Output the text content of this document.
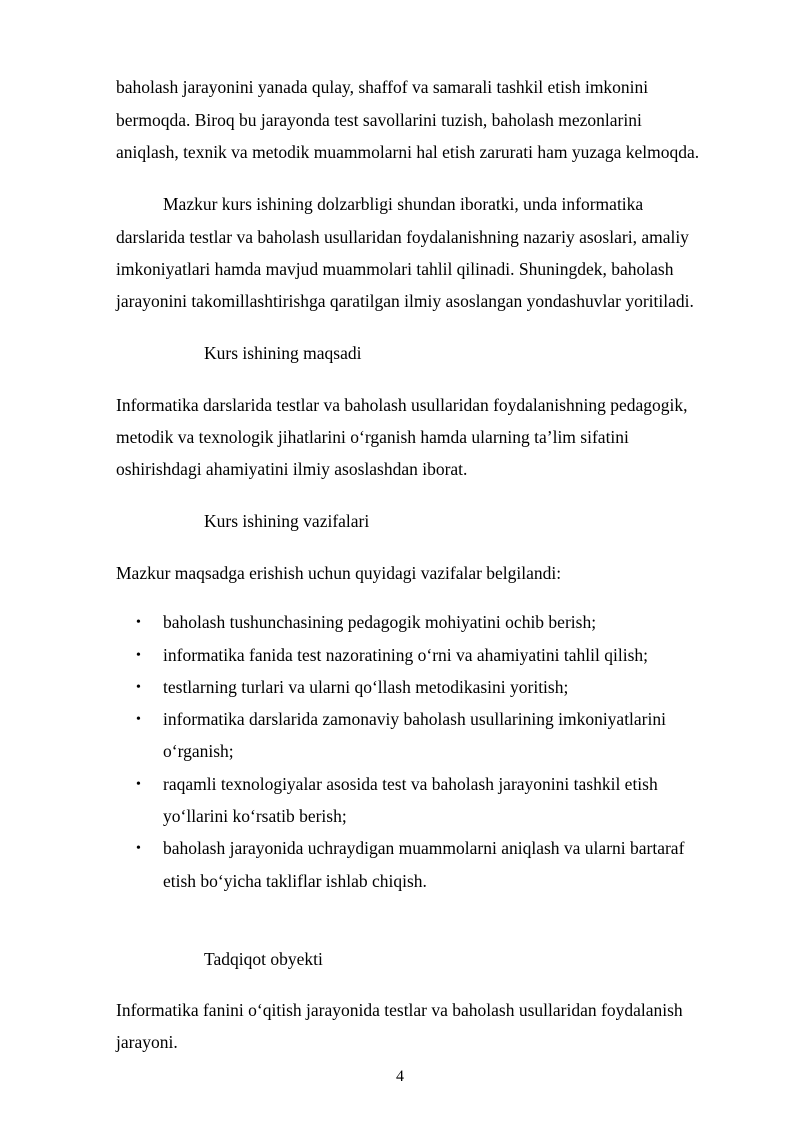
baholash jarayonini yanada qulay, shaffof va samarali tashkil etish imkonini
bermoqda. Biroq bu jarayonda test savollarini tuzish, baholash mezonlarini
aniqlash, texnik va metodik muammolarni hal etish zarurati ham yuzaga kelmoqda.
Mazkur kurs ishining dolzarbligi shundan iboratki, unda informatika
darslarida testlar va baholash usullaridan foydalanishning nazariy asoslari, amaliy
imkoniyatlari hamda mavjud muammolari tahlil qilinadi. Shuningdek, baholash
jarayonini takomillashtirishga qaratilgan ilmiy asoslangan yondashuvlar yoritiladi.
Kurs ishining maqsadi
Informatika darslarida testlar va baholash usullaridan foydalanishning pedagogik,
metodik va texnologik jihatlarini oʻrganish hamda ularning taʼlim sifatini
oshirishdagi ahamiyatini ilmiy asoslashdan iborat.
Kurs ishining vazifalari
Mazkur maqsadga erishish uchun quyidagi vazifalar belgilandi:
• baholash tushunchasining pedagogik mohiyatini ochib berish;
• informatika fanida test nazoratining oʻrni va ahamiyatini tahlil qilish;
• testlarning turlari va ularni qoʻllash metodikasini yoritish;
• informatika darslarida zamonaviy baholash usullarining imkoniyatlarini
oʻrganish;
• raqamli texnologiyalar asosida test va baholash jarayonini tashkil etish
yoʻllarini koʻrsatib berish;
• baholash jarayonida uchraydigan muammolarni aniqlash va ularni bartaraf
etish boʻyicha takliflar ishlab chiqish.
Tadqiqot obyekti
Informatika fanini oʻqitish jarayonida testlar va baholash usullaridan foydalanish
jarayoni.
4
